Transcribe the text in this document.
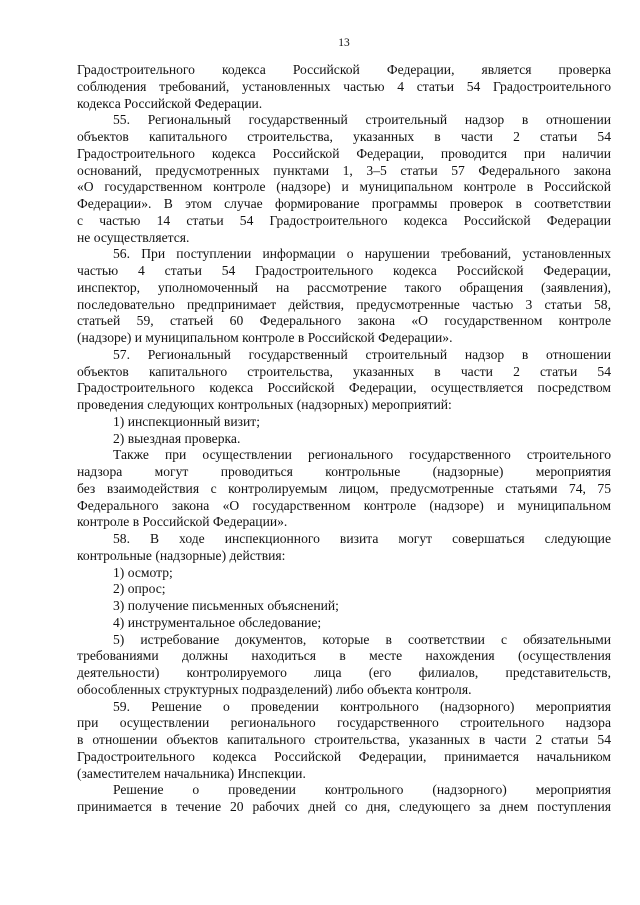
13

Градостроительного кодекса Российской Федерации, является проверка

соблюдения требований, установленных частью 4 статьи 54 Градостроительного

кодекса Российской Федерации.

55. Региональный государственный строительный надзор в отношении

объектов капитального строительства, указанных в части 2 статьи 54

Градостроительного кодекса Российской Федерации, проводится при наличии

оснований, предусмотренных пунктами 1, 3–5 статьи 57 Федерального закона

«О государственном контроле (надзоре) и муниципальном контроле в Российской

Федерации». В этом случае формирование программы проверок в соответствии

с частью 14 статьи 54 Градостроительного кодекса Российской Федерации

не осуществляется.

56. При поступлении информации о нарушении требований, установленных

частью 4 статьи 54 Градостроительного кодекса Российской Федерации,

инспектор, уполномоченный на рассмотрение такого обращения (заявления),

последовательно предпринимает действия, предусмотренные частью 3 статьи 58,

статьей 59, статьей 60 Федерального закона «О государственном контроле

(надзоре) и муниципальном контроле в Российской Федерации».

57. Региональный государственный строительный надзор в отношении

объектов капитального строительства, указанных в части 2 статьи 54

Градостроительного кодекса Российской Федерации, осуществляется посредством

проведения следующих контрольных (надзорных) мероприятий:

1) инспекционный визит;

2) выездная проверка.

Также при осуществлении регионального государственного строительного

надзора могут проводиться контрольные (надзорные) мероприятия

без взаимодействия с контролируемым лицом, предусмотренные статьями 74, 75

Федерального закона «О государственном контроле (надзоре) и муниципальном

контроле в Российской Федерации».

58. В ходе инспекционного визита могут совершаться следующие

контрольные (надзорные) действия:

1) осмотр;

2) опрос;

3) получение письменных объяснений;

4) инструментальное обследование;

5) истребование документов, которые в соответствии с обязательными

требованиями должны находиться в месте нахождения (осуществления

деятельности) контролируемого лица (его филиалов, представительств,

обособленных структурных подразделений) либо объекта контроля.

59. Решение о проведении контрольного (надзорного) мероприятия

при осуществлении регионального государственного строительного надзора

в отношении объектов капитального строительства, указанных в части 2 статьи 54

Градостроительного кодекса Российской Федерации, принимается начальником

(заместителем начальника) Инспекции.

Решение о проведении контрольного (надзорного) мероприятия

принимается в течение 20 рабочих дней со дня, следующего за днем поступления
